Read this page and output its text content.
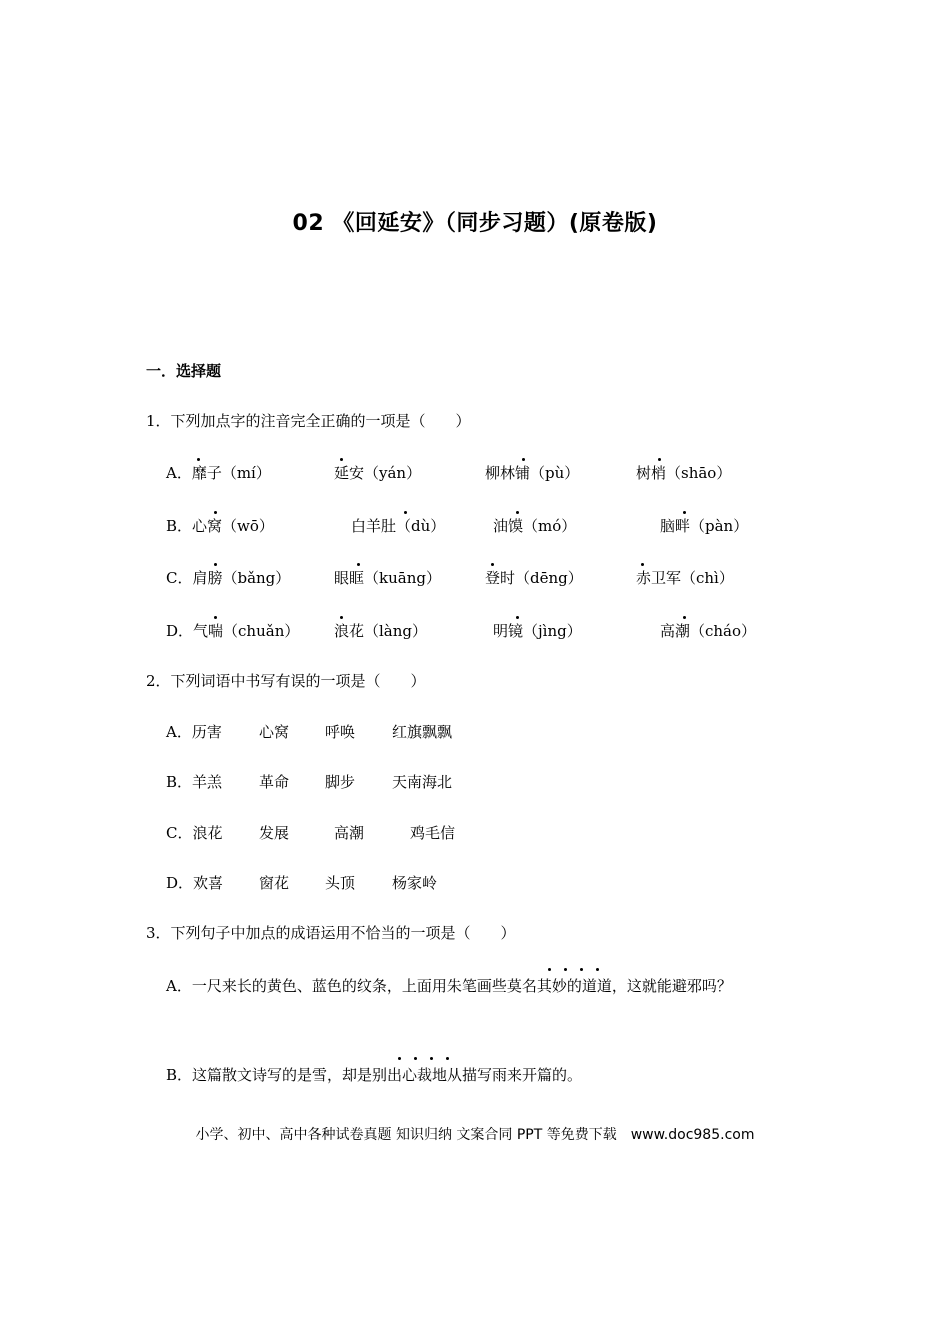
02 《回延安》（同步习题）(原卷版)
一．选择题
1．下列加点字的注音完全正确的一项是（　　）
A．靡子（mí）	延安（yán）	柳林铺（pù）	树梢（shāo）
B．心窝（wō）	白羊肚（dù）	油馍（mó）	脑畔（pàn）
C．肩膀（bǎng）	眼眶（kuāng）	登时（dēng）	赤卫军（chì）
D．气喘（chuǎn） 浪花（làng）	明镜（jìng）	高潮（cháo）
2．下列词语中书写有误的一项是（　　）
A．历害 心窝 呼唤 红旗飘飘
B．羊羔 革命 脚步 天南海北
C．浪花 发展	高潮	鸡毛信
D．欢喜 窗花 头顶 杨家岭
3．下列句子中加点的成语运用不恰当的一项是（　　）
A．一尺来长的黄色、蓝色的纹条，上面用朱笔画些莫名其妙的道道，这就能避邪吗？
B．这篇散文诗写的是雪，却是别出心裁地从描写雨来开篇的。
小学、初中、高中各种试卷真题 知识归纳 文案合同 PPT 等免费下载　www.doc985.com
